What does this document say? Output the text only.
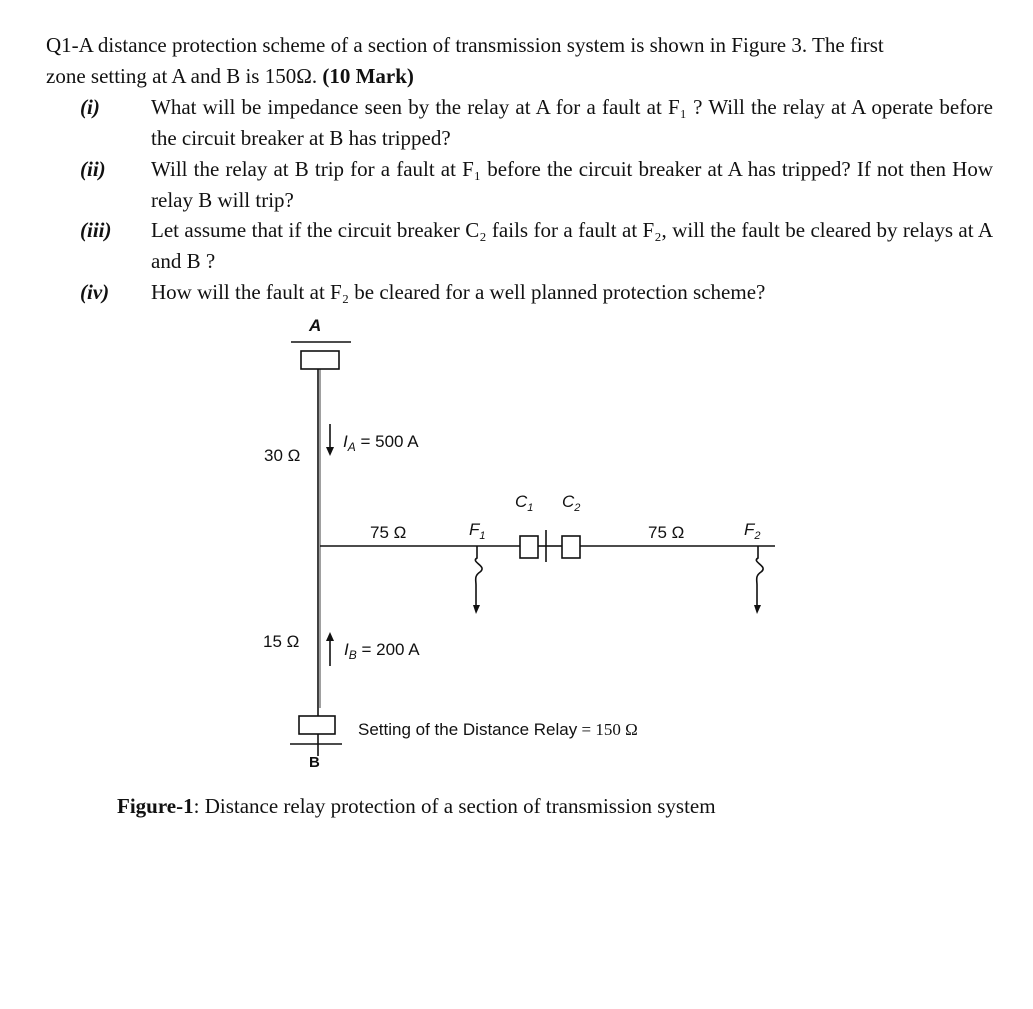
Q1-A distance protection scheme of a section of transmission system is shown in Figure 3. The first
zone setting at A and B is 150Ω. (10 Mark)
(i) What will be impedance seen by the relay at A for a fault at F₁ ? Will the relay at A operate before the circuit breaker at B has tripped?
(ii) Will the relay at B trip for a fault at F₁ before the circuit breaker at A has tripped? If not then How relay B will trip?
(iii) Let assume that if the circuit breaker C₂ fails for a fault at F₂, will the fault be cleared by relays at A and B ?
(iv) How will the fault at F₂ be cleared for a well planned protection scheme?
A
B
30 Ω
15 Ω
$I_A = 500$ A
$I_B = 200$ A
75 Ω	75 Ω
$F_1$	$F_2$
$C_1$ $C_2$
Setting of the Distance Relay = 150 Ω
Figure-1: Distance relay protection of a section of transmission system
